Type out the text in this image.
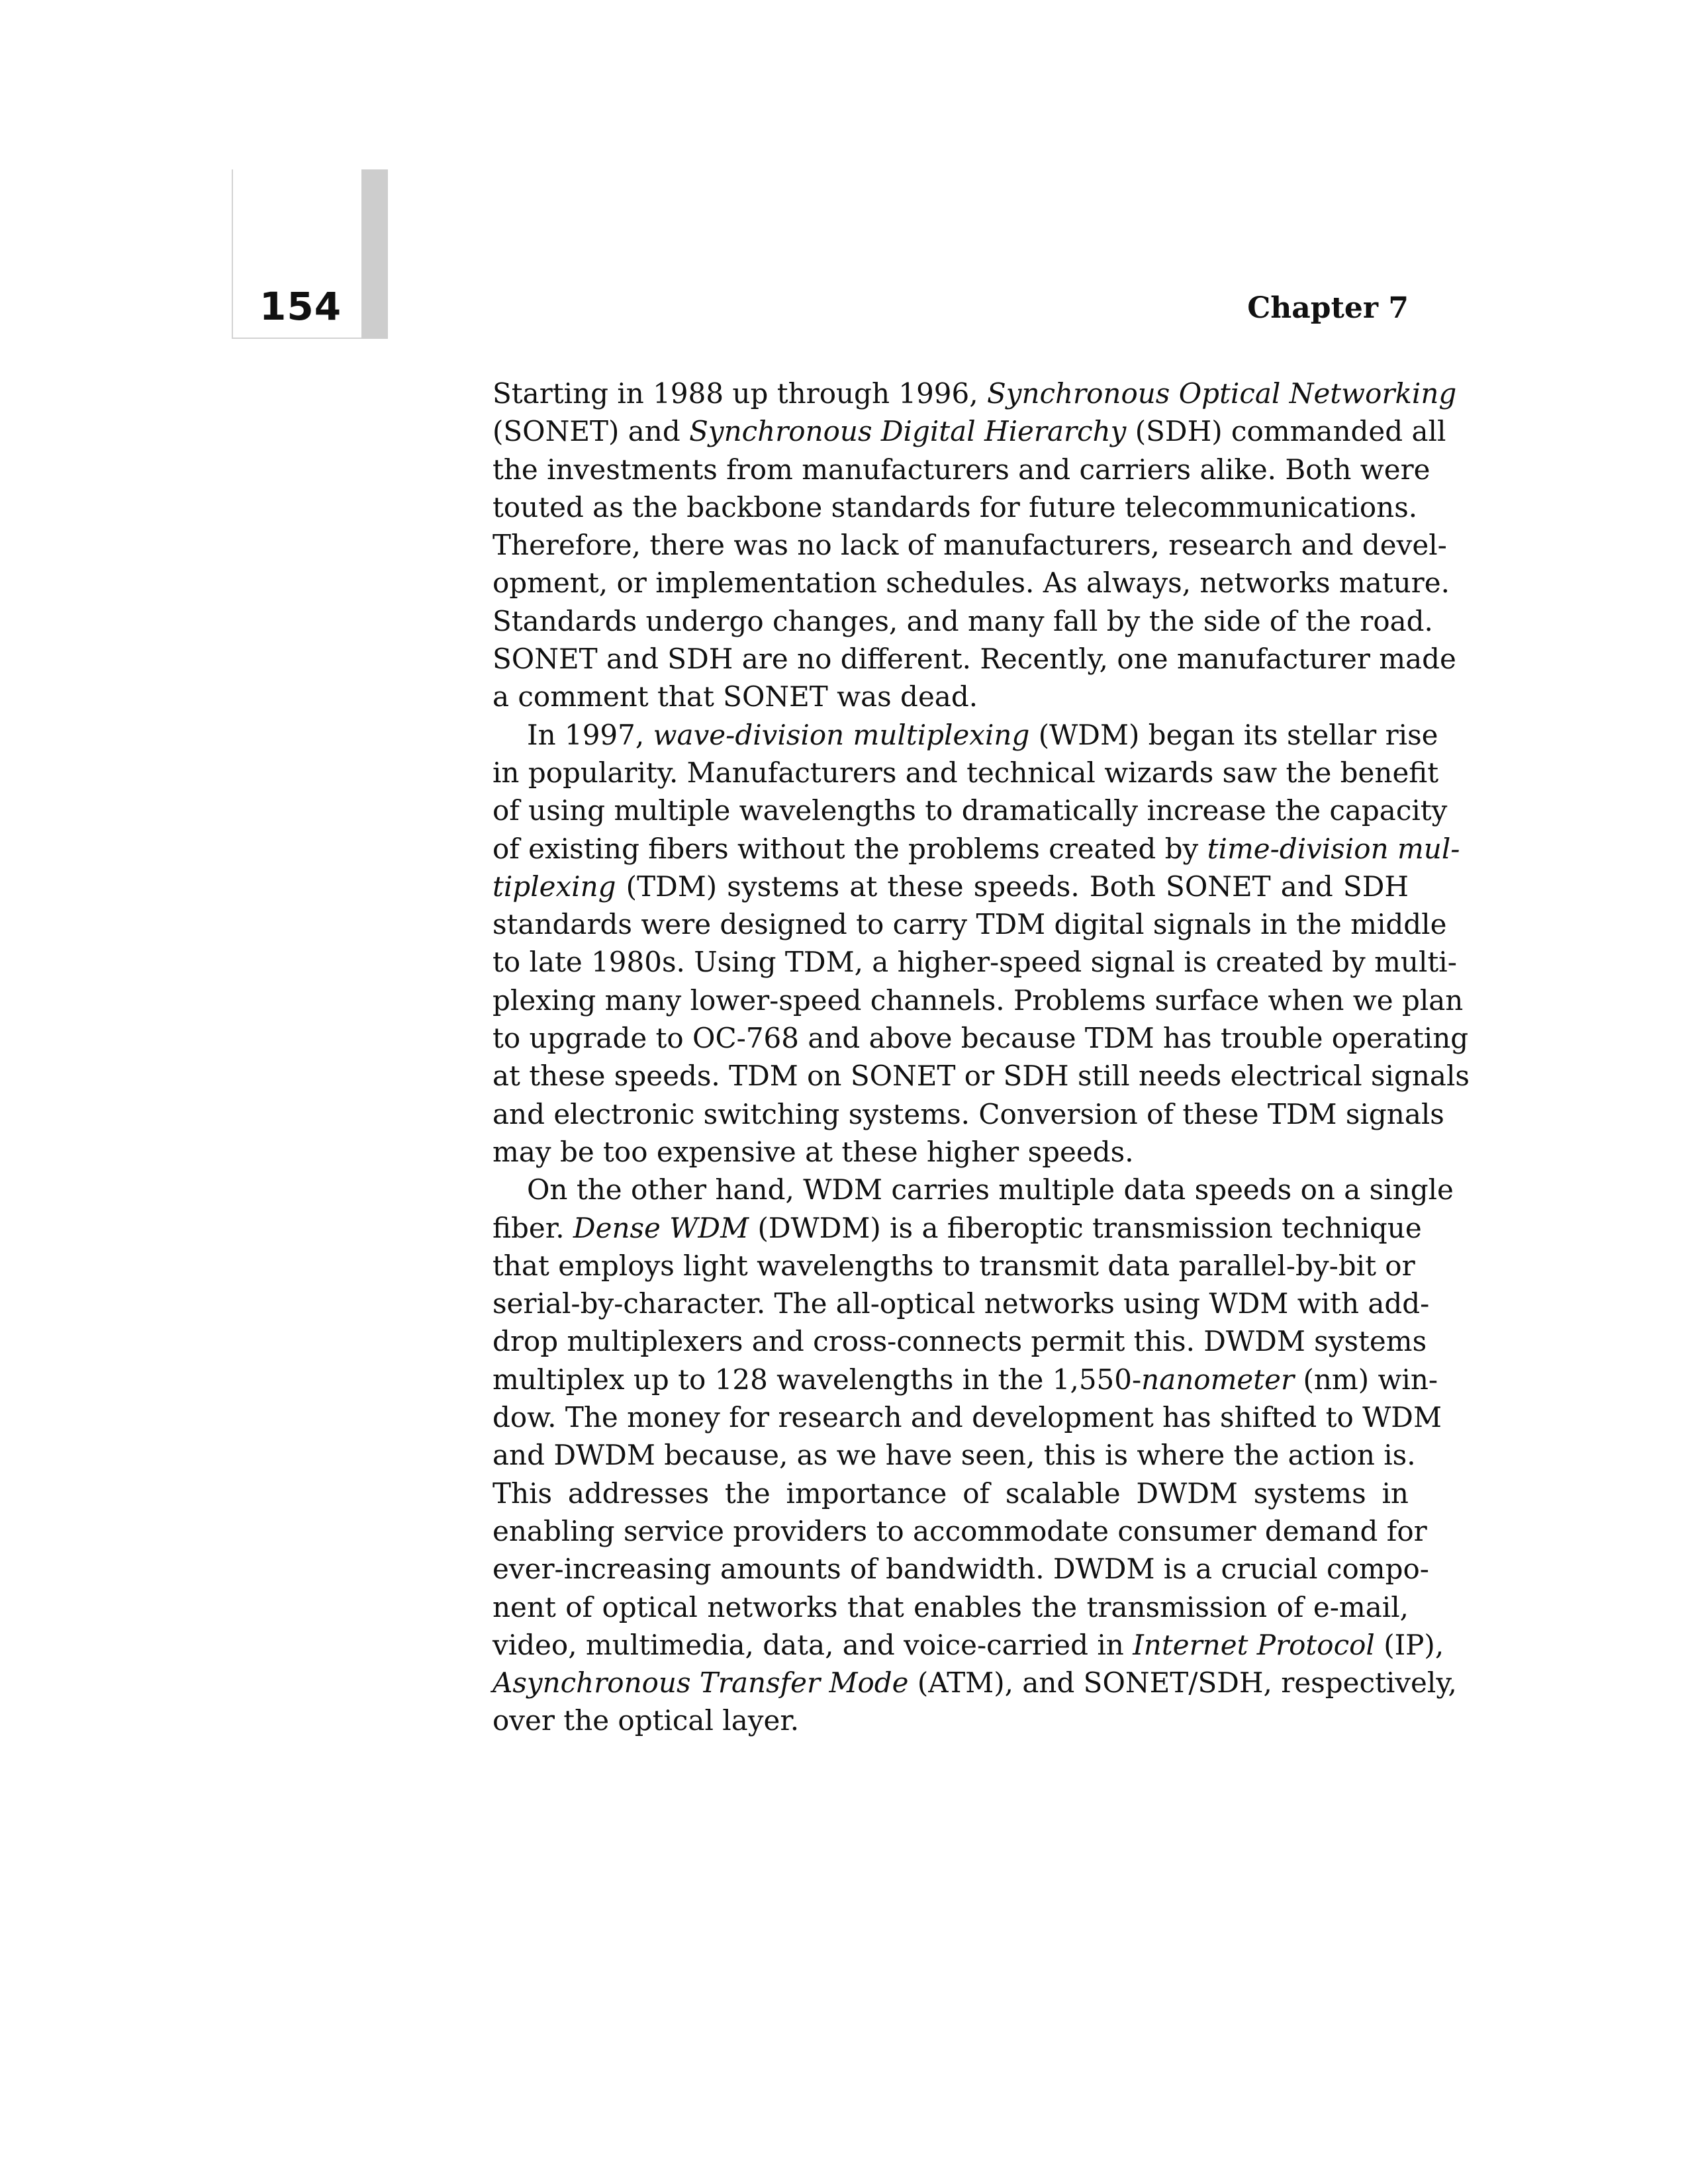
154	Chapter 7
Starting in 1988 up through 1996, Synchronous Optical Networking
(SONET) and Synchronous Digital Hierarchy (SDH) commanded all
the investments from manufacturers and carriers alike. Both were
touted as the backbone standards for future telecommunications.
Therefore, there was no lack of manufacturers, research and devel-
opment, or implementation schedules. As always, networks mature.
Standards undergo changes, and many fall by the side of the road.
SONET and SDH are no different. Recently, one manufacturer made
a comment that SONET was dead.
In 1997, wave-division multiplexing (WDM) began its stellar rise
in popularity. Manufacturers and technical wizards saw the benefit
of using multiple wavelengths to dramatically increase the capacity
of existing fibers without the problems created by time-division mul-
tiplexing (TDM) systems at these speeds. Both SONET and SDH
standards were designed to carry TDM digital signals in the middle
to late 1980s. Using TDM, a higher-speed signal is created by multi-
plexing many lower-speed channels. Problems surface when we plan
to upgrade to OC-768 and above because TDM has trouble operating
at these speeds. TDM on SONET or SDH still needs electrical signals
and electronic switching systems. Conversion of these TDM signals
may be too expensive at these higher speeds.
On the other hand, WDM carries multiple data speeds on a single
fiber. Dense WDM (DWDM) is a fiberoptic transmission technique
that employs light wavelengths to transmit data parallel-by-bit or
serial-by-character. The all-optical networks using WDM with add-
drop multiplexers and cross-connects permit this. DWDM systems
multiplex up to 128 wavelengths in the 1,550-nanometer (nm) win-
dow. The money for research and development has shifted to WDM
and DWDM because, as we have seen, this is where the action is.
This addresses the importance of scalable DWDM systems in
enabling service providers to accommodate consumer demand for
ever-increasing amounts of bandwidth. DWDM is a crucial compo-
nent of optical networks that enables the transmission of e-mail,
video, multimedia, data, and voice-carried in Internet Protocol (IP),
Asynchronous Transfer Mode (ATM), and SONET/SDH, respectively,
over the optical layer.
